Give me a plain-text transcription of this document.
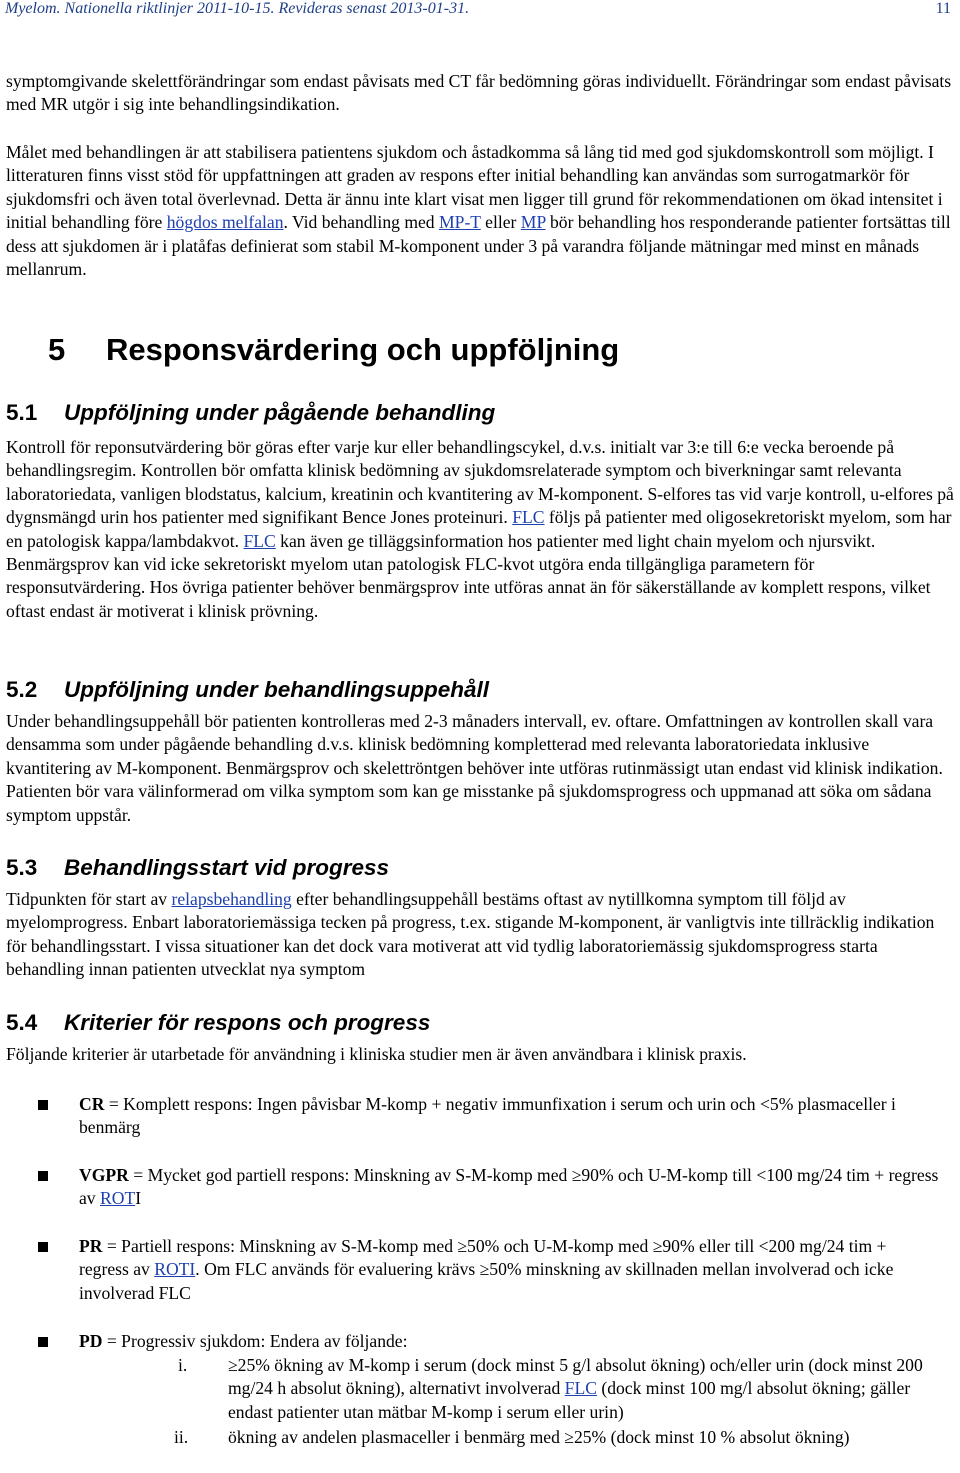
Myelom. Nationella riktlinjer 2011-10-15. Revideras senast 2013-01-31.	11

symptomgivande skelettförändringar som endast påvisats med CT får bedömning göras individuellt. Förändringar som endast påvisats med MR utgör i sig inte behandlingsindikation.

Målet med behandlingen är att stabilisera patientens sjukdom och åstadkomma så lång tid med god sjukdomskontroll som möjligt. I litteraturen finns visst stöd för uppfattningen att graden av respons efter initial behandling kan användas som surrogatmarkör för sjukdomsfri och även total överlevnad. Detta är ännu inte klart visat men ligger till grund för rekommendationen om ökad intensitet i initial behandling före högdos melfalan. Vid behandling med MP-T eller MP bör behandling hos responderande patienter fortsättas till dess att sjukdomen är i platåfas definierat som stabil M-komponent under 3 på varandra följande mätningar med minst en månads mellanrum.

5 Responsvärdering och uppföljning
5.1 Uppföljning under pågående behandling

Kontroll för reponsutvärdering bör göras efter varje kur eller behandlingscykel, d.v.s. initialt var 3:e till 6:e vecka beroende på behandlingsregim. Kontrollen bör omfatta klinisk bedömning av sjukdomsrelaterade symptom och biverkningar samt relevanta laboratoriedata, vanligen blodstatus, kalcium, kreatinin och kvantitering av M-komponent. S-elfores tas vid varje kontroll, u-elfores på dygnsmängd urin hos patienter med signifikant Bence Jones proteinuri. FLC följs på patienter med oligosekretoriskt myelom, som har en patologisk kappa/lambdakvot. FLC kan även ge tilläggsinformation hos patienter med light chain myelom och njursvikt. Benmärgsprov kan vid icke sekretoriskt myelom utan patologisk FLC-kvot utgöra enda tillgängliga parametern för responsutvärdering. Hos övriga patienter behöver benmärgsprov inte utföras annat än för säkerställande av komplett respons, vilket oftast endast är motiverat i klinisk prövning.

5.2 Uppföljning under behandlingsuppehåll

Under behandlingsuppehåll bör patienten kontrolleras med 2-3 månaders intervall, ev. oftare. Omfattningen av kontrollen skall vara densamma som under pågående behandling d.v.s. klinisk bedömning kompletterad med relevanta laboratoriedata inklusive kvantitering av M-komponent. Benmärgsprov och skelettröntgen behöver inte utföras rutinmässigt utan endast vid klinisk indikation. Patienten bör vara välinformerad om vilka symptom som kan ge misstanke på sjukdomsprogress och uppmanad att söka om sådana symptom uppstår.

5.3 Behandlingsstart vid progress

Tidpunkten för start av relapsbehandling efter behandlingsuppehåll bestäms oftast av nytillkomna symptom till följd av myelomprogress. Enbart laboratoriemässiga tecken på progress, t.ex. stigande M-komponent, är vanligtvis inte tillräcklig indikation för behandlingsstart. I vissa situationer kan det dock vara motiverat att vid tydlig laboratoriemässig sjukdomsprogress starta behandling innan patienten utvecklat nya symptom

5.4 Kriterier för respons och progress

Följande kriterier är utarbetade för användning i kliniska studier men är även användbara i klinisk praxis.

CR = Komplett respons: Ingen påvisbar M-komp + negativ immunfixation i serum och urin och <5% plasmaceller i benmärg

VGPR = Mycket god partiell respons: Minskning av S-M-komp med ≥90% och U-M-komp till <100 mg/24 tim + regress av ROTI

PR = Partiell respons: Minskning av S-M-komp med ≥50% och U-M-komp med ≥90% eller till <200 mg/24 tim + regress av ROTI. Om FLC används för evaluering krävs ≥50% minskning av skillnaden mellan involverad och icke involverad FLC

PD = Progressiv sjukdom: Endera av följande:

i. ≥25% ökning av M-komp i serum (dock minst 5 g/l absolut ökning) och/eller urin (dock minst 200 mg/24 h absolut ökning), alternativt involverad FLC (dock minst 100 mg/l absolut ökning; gäller endast patienter utan mätbar M-komp i serum eller urin)

ii. ökning av andelen plasmaceller i benmärg med ≥25% (dock minst 10 % absolut ökning)
